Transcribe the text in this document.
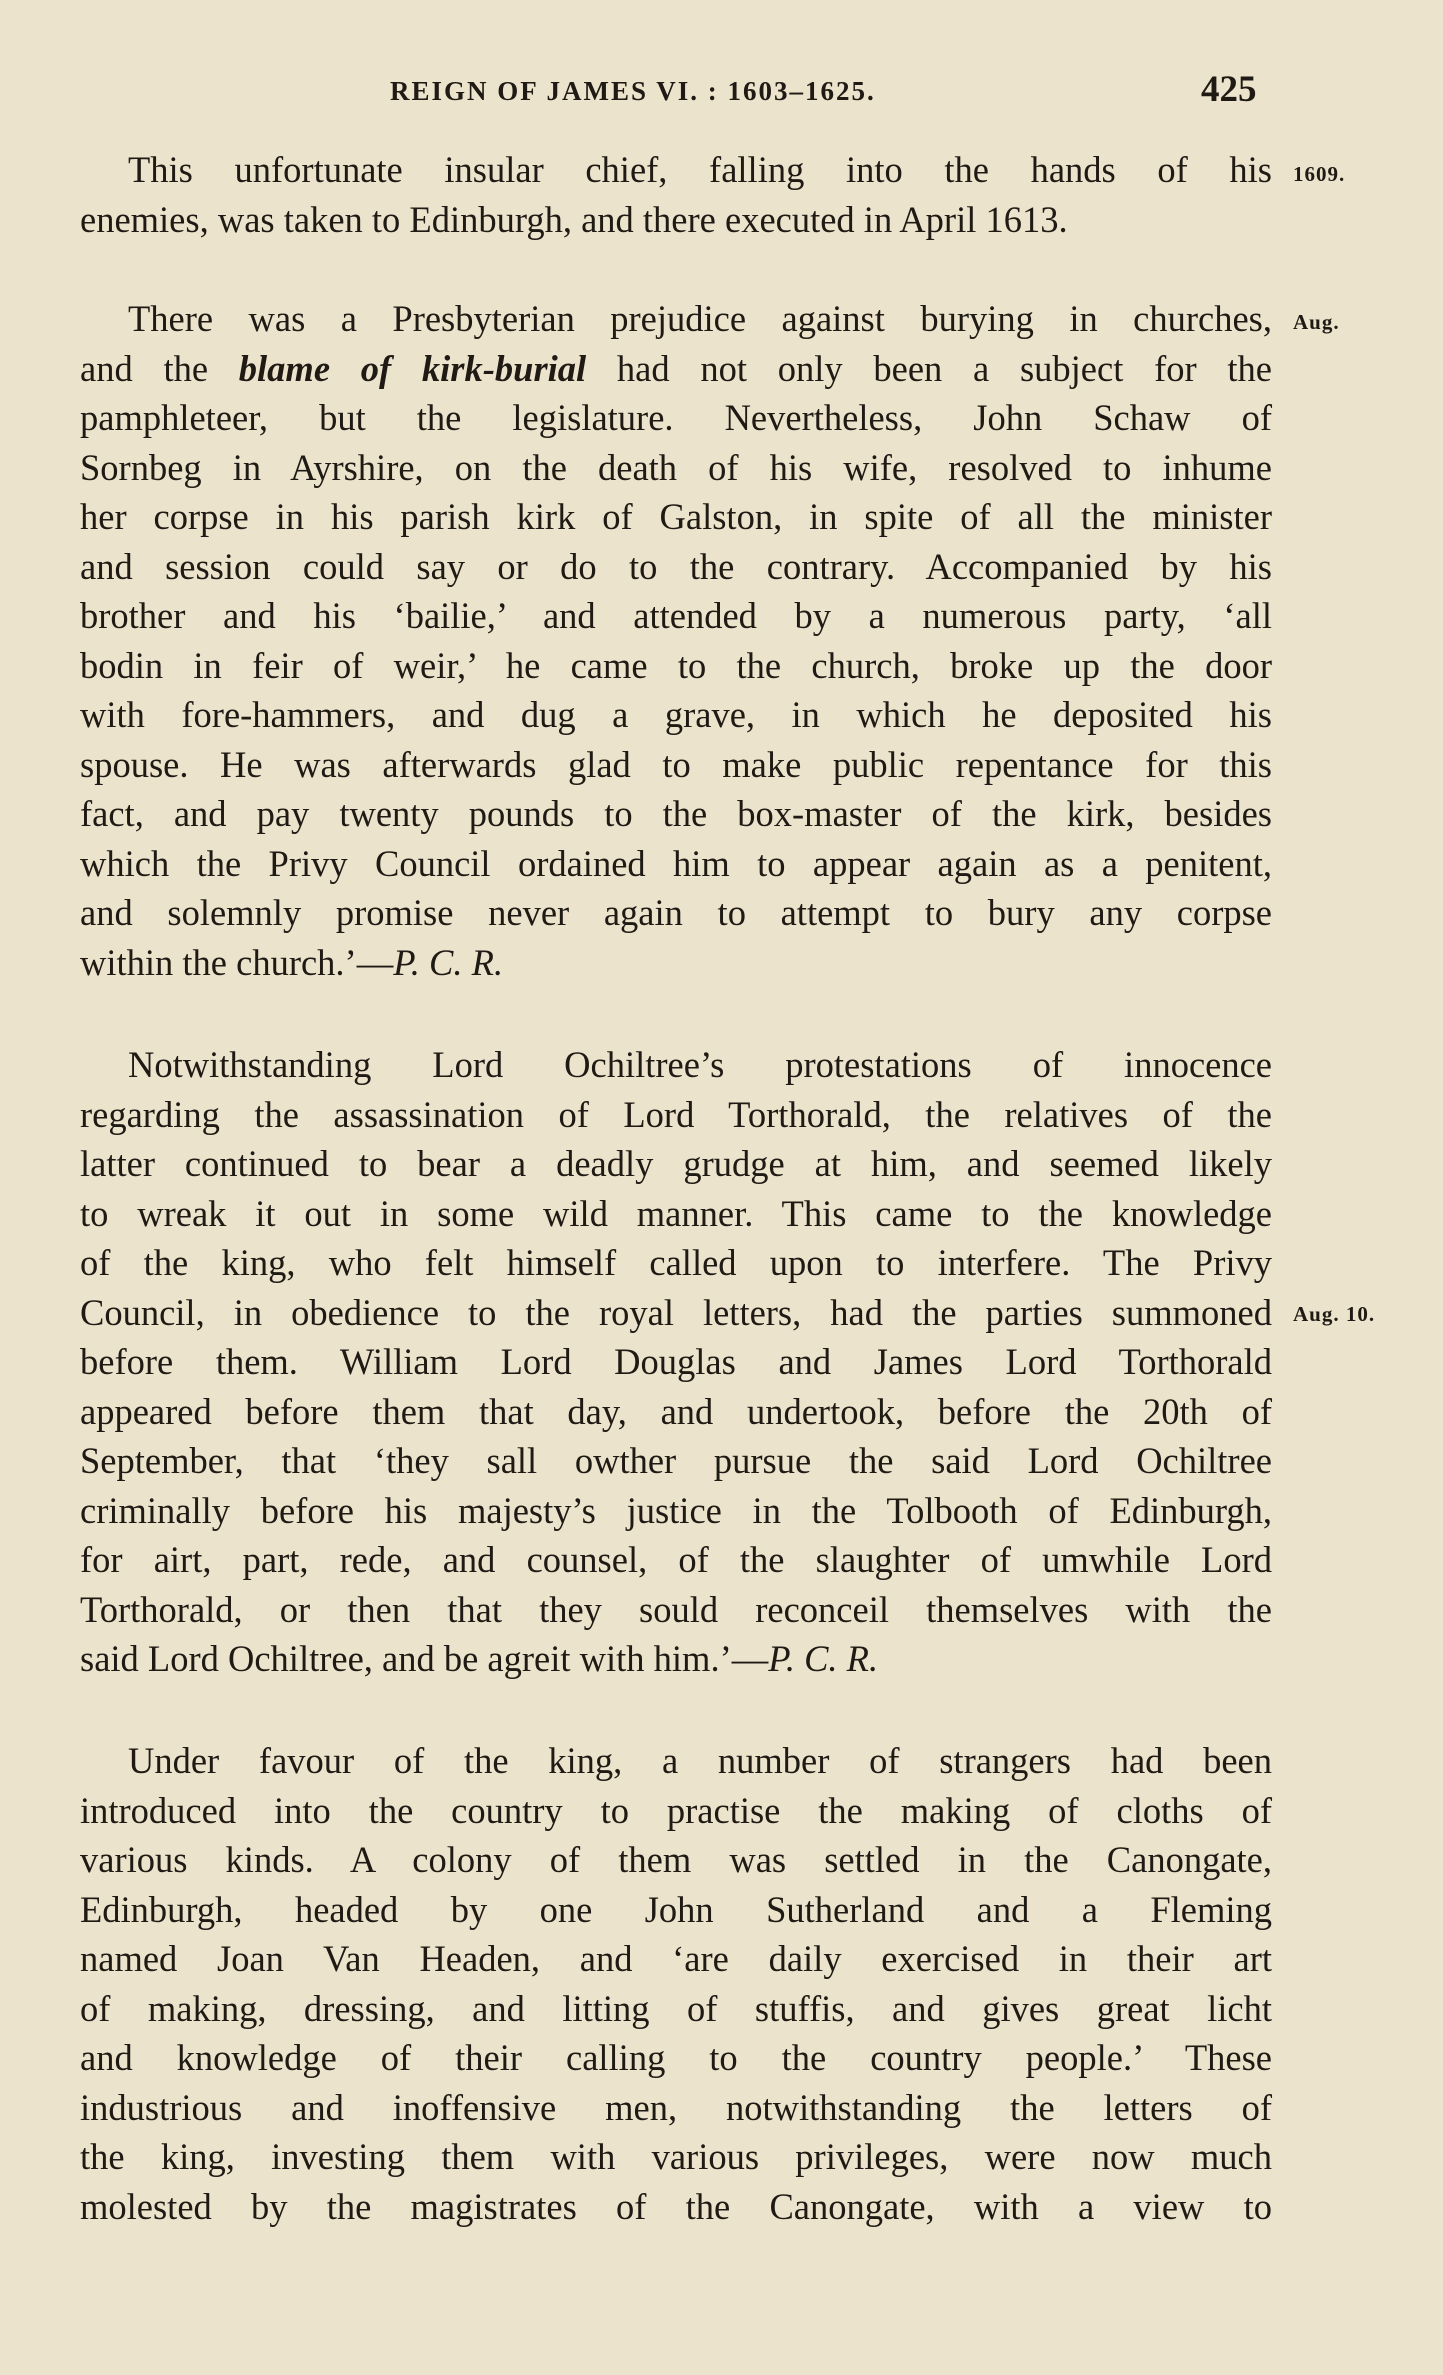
REIGN OF JAMES VI. : 1603–1625.	425
1609.
Aug.
Aug. 10.
This unfortunate insular chief, falling into the hands of his
enemies, was taken to Edinburgh, and there executed in April 1613.
There was a Presbyterian prejudice against burying in churches,
and the blame of kirk-burial had not only been a subject for the
pamphleteer, but the legislature. Nevertheless, John Schaw of
Sornbeg in Ayrshire, on the death of his wife, resolved to inhume
her corpse in his parish kirk of Galston, in spite of all the minister
and session could say or do to the contrary. Accompanied by his
brother and his ‘bailie,’ and attended by a numerous party, ‘all
bodin in feir of weir,’ he came to the church, broke up the door
with fore-hammers, and dug a grave, in which he deposited his
spouse. He was afterwards glad to make public repentance for this
fact, and pay twenty pounds to the box-master of the kirk, besides
which the Privy Council ordained him to appear again as a penitent,
and solemnly promise never again to attempt to bury any corpse
within the church.’—P. C. R.
Notwithstanding Lord Ochiltree’s protestations of innocence
regarding the assassination of Lord Torthorald, the relatives of the
latter continued to bear a deadly grudge at him, and seemed likely
to wreak it out in some wild manner. This came to the knowledge
of the king, who felt himself called upon to interfere. The Privy
Council, in obedience to the royal letters, had the parties summoned
before them. William Lord Douglas and James Lord Torthorald
appeared before them that day, and undertook, before the 20th of
September, that ‘they sall owther pursue the said Lord Ochiltree
criminally before his majesty’s justice in the Tolbooth of Edinburgh,
for airt, part, rede, and counsel, of the slaughter of umwhile Lord
Torthorald, or then that they sould reconceil themselves with the
said Lord Ochiltree, and be agreit with him.’—P. C. R.
Under favour of the king, a number of strangers had been
introduced into the country to practise the making of cloths of
various kinds. A colony of them was settled in the Canongate,
Edinburgh, headed by one John Sutherland and a Fleming
named Joan Van Headen, and ‘are daily exercised in their art
of making, dressing, and litting of stuffis, and gives great licht
and knowledge of their calling to the country people.’ These
industrious and inoffensive men, notwithstanding the letters of
the king, investing them with various privileges, were now much
molested by the magistrates of the Canongate, with a view to
